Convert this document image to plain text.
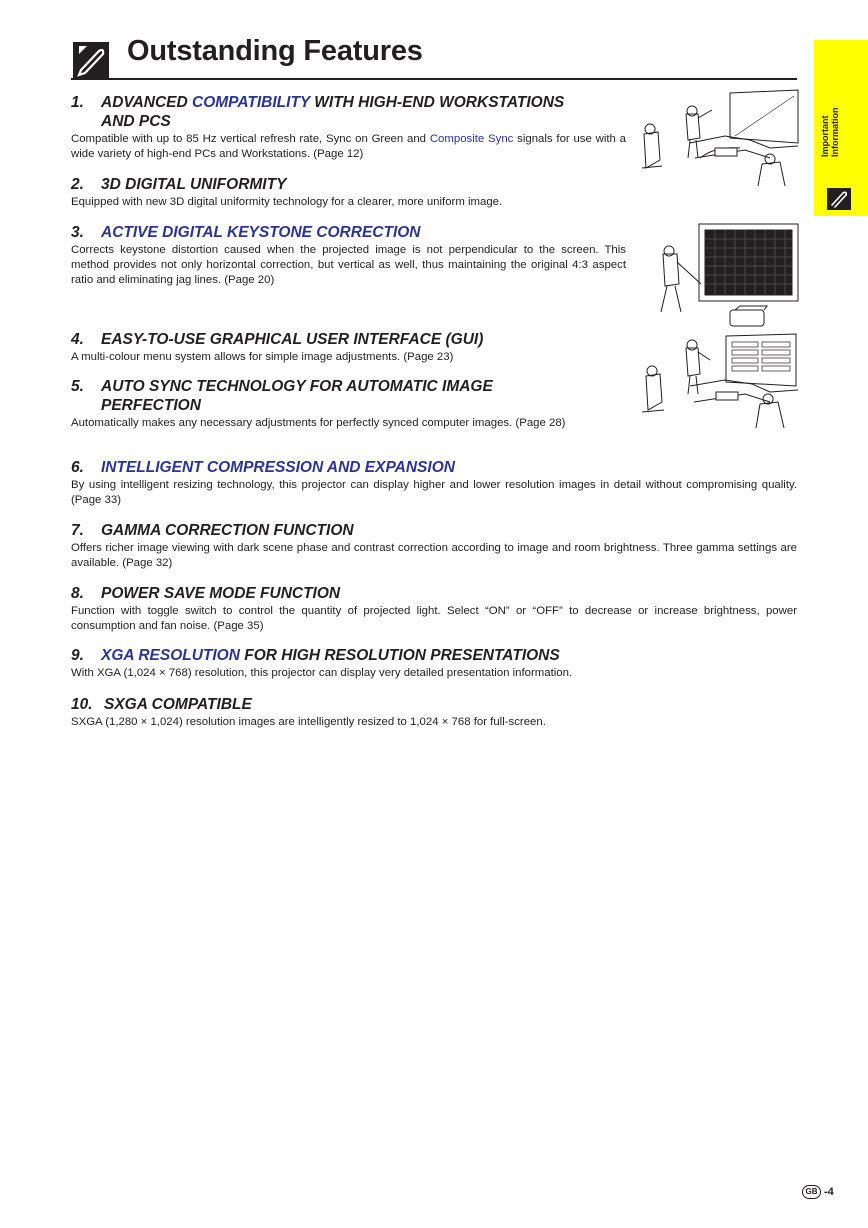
Outstanding Features
Important
Information
1. ADVANCED COMPATIBILITY WITH HIGH-END WORKSTATIONS
AND PCS

Compatible with up to 85 Hz vertical refresh rate, Sync on Green and Composite Sync signals for use with a wide variety of high-end PCs and Workstations. (Page 12)

2. 3D DIGITAL UNIFORMITY

Equipped with new 3D digital uniformity technology for a clearer, more uniform image.

3. ACTIVE DIGITAL KEYSTONE CORRECTION

Corrects keystone distortion caused when the projected image is not perpendicular to the screen. This method provides not only horizontal correction, but vertical as well, thus maintaining the original 4:3 aspect ratio and eliminating jag lines. (Page 20)

4. EASY-TO-USE GRAPHICAL USER INTERFACE (GUI)

A multi-colour menu system allows for simple image adjustments. (Page 23)

5. AUTO SYNC TECHNOLOGY FOR AUTOMATIC IMAGE
PERFECTION

Automatically makes any necessary adjustments for perfectly synced computer images. (Page 28)

6. INTELLIGENT COMPRESSION AND EXPANSION

By using intelligent resizing technology, this projector can display higher and lower resolution images in detail without compromising quality. (Page 33)

7. GAMMA CORRECTION FUNCTION

Offers richer image viewing with dark scene phase and contrast correction according to image and room brightness. Three gamma settings are available. (Page 32)

8. POWER SAVE MODE FUNCTION

Function with toggle switch to control the quantity of projected light. Select “ON” or “OFF” to decrease or increase brightness, power consumption and fan noise. (Page 35)

9. XGA RESOLUTION FOR HIGH RESOLUTION PRESENTATIONS

With XGA (1,024 × 768) resolution, this projector can display very detailed presentation information.

10. SXGA COMPATIBLE

SXGA (1,280 × 1,024) resolution images are intelligently resized to 1,024 × 768 for full-screen.

GB -4
